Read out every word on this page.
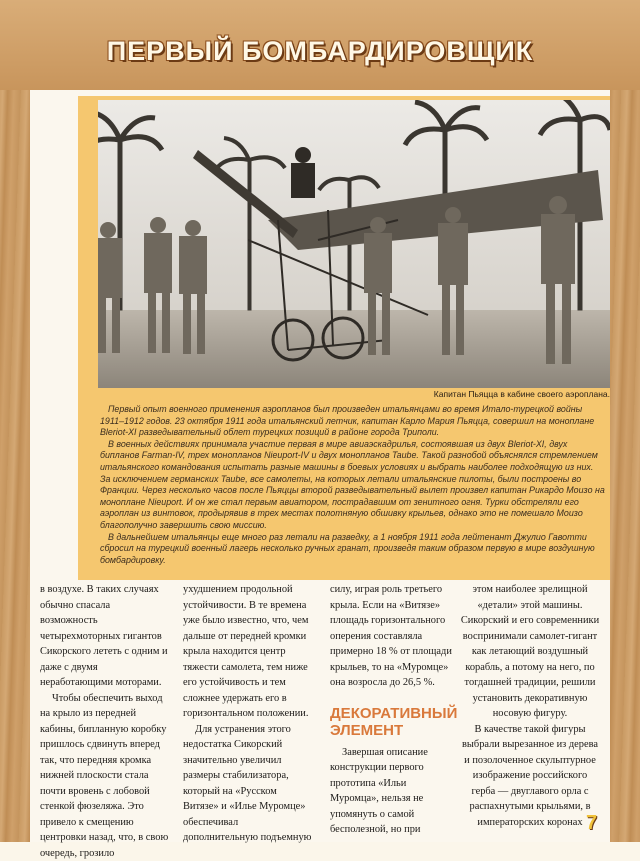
ПЕРВЫЙ БОМБАРДИРОВЩИК
Капитан Пьяцца в кабине своего аэроплана.

Первый опыт военного применения аэропланов был произведен итальянцами во время Итало-турецкой войны 1911–1912 годов. 23 октября 1911 года итальянский летчик, капитан Карло Мария Пьяцца, совершил на моноплане Bleriot-XI разведывательный облет турецких позиций в районе города Триполи.

В военных действиях принимала участие первая в мире авиаэскадрилья, состоявшая из двух Bleriot-XI, двух бипланов Farman-IV, трех монопланов Nieuport-IV и двух монопланов Taube. Такой разнобой объяснялся стремлением итальянского командования испытать разные машины в боевых условиях и выбрать наиболее подходящую из них. За исключением германских Taube, все самолеты, на которых летали итальянские пилоты, были построены во Франции. Через несколько часов после Пьяццы второй разведывательный вылет произвел капитан Рикардо Моизо на моноплане Nieuport. И он же стал первым авиатором, пострадавшим от зенитного огня. Турки обстреляли его аэроплан из винтовок, продырявив в трех местах полотняную обшивку крыльев, однако это не помешало Моизо благополучно завершить свою миссию.

В дальнейшем итальянцы еще много раз летали на разведку, а 1 ноября 1911 года лейтенант Джулио Гавотти сбросил на турецкий военный лагерь несколько ручных гранат, произведя таким образом первую в мире воздушную бомбардировку.

в воздухе. В таких случаях обычно спасала возможность четырехмоторных гигантов Сикорского лететь с одним и даже с двумя неработающими моторами.

Чтобы обеспечить выход на крыло из передней кабины, бипланную коробку пришлось сдвинуть вперед так, что передняя кромка нижней плоскости стала почти вровень с лобовой стенкой фюзеляжа. Это привело к смещению центровки назад, что, в свою очередь, грозило

ухудшением продольной устойчивости. В те времена уже было известно, что, чем дальше от передней кромки крыла находится центр тяжести самолета, тем ниже его устойчивость и тем сложнее удержать его в горизонтальном положении.

Для устранения этого недостатка Сикорский значительно увеличил размеры стабилизатора, который на «Русском Витязе» и «Илье Муромце» обеспечивал дополнительную подъемную

силу, играя роль третьего крыла. Если на «Витязе» площадь горизонтального оперения составляла примерно 18 % от площади крыльев, то на «Муромце» она возросла до 26,5 %.

ДЕКОРАТИВНЫЙ ЭЛЕМЕНТ

Завершая описание конструкции первого прототипа «Ильи Муромца», нельзя не упомянуть о самой бесполезной, но при

этом наиболее зрелищной «детали» этой машины. Сикорский и его современники воспринимали самолет-гигант как летающий воздушный корабль, а потому на него, по тогдашней традиции, решили установить декоративную носовую фигуру.

В качестве такой фигуры выбрали вырезанное из дерева и позолоченное скульптурное изображение российского герба — двуглавого орла с распахнутыми крыльями, в императорских коронах 7
